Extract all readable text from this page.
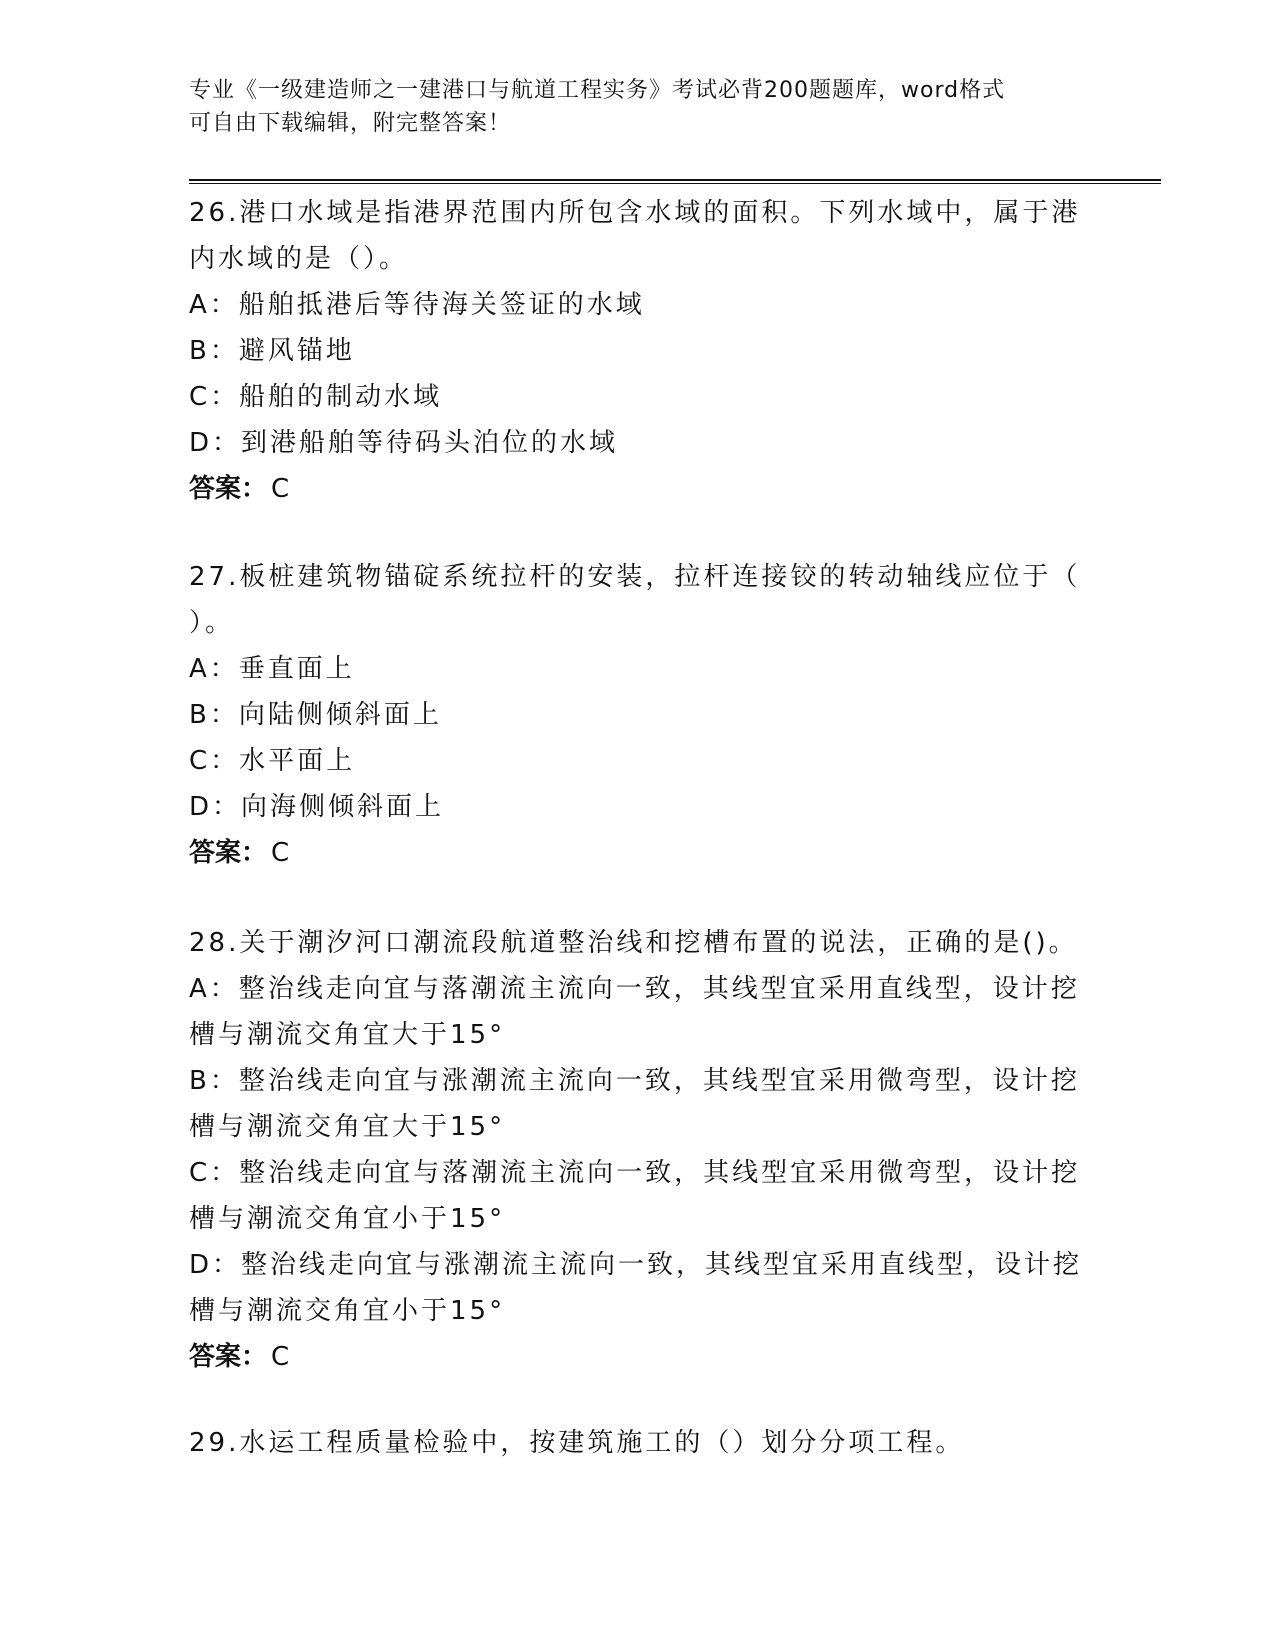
专业《一级建造师之一建港口与航道工程实务》考试必背200题题库，word格式
可自由下载编辑，附完整答案！

26.港口水域是指港界范围内所包含水域的面积。下列水域中，属于港

内水域的是（）。

A：船舶抵港后等待海关签证的水域

B：避风锚地

C：船舶的制动水域

D：到港船舶等待码头泊位的水域

答案： C

27.板桩建筑物锚碇系统拉杆的安装，拉杆连接铰的转动轴线应位于（

）。

A：垂直面上

B：向陆侧倾斜面上

C：水平面上

D：向海侧倾斜面上

答案： C

28.关于潮汐河口潮流段航道整治线和挖槽布置的说法，正确的是()。

A：整治线走向宜与落潮流主流向一致，其线型宜采用直线型，设计挖

槽与潮流交角宜大于15°

B：整治线走向宜与涨潮流主流向一致，其线型宜采用微弯型，设计挖

槽与潮流交角宜大于15°

C：整治线走向宜与落潮流主流向一致，其线型宜采用微弯型，设计挖

槽与潮流交角宜小于15°

D：整治线走向宜与涨潮流主流向一致，其线型宜采用直线型，设计挖

槽与潮流交角宜小于15°

答案： C

29.水运工程质量检验中，按建筑施工的（）划分分项工程。
